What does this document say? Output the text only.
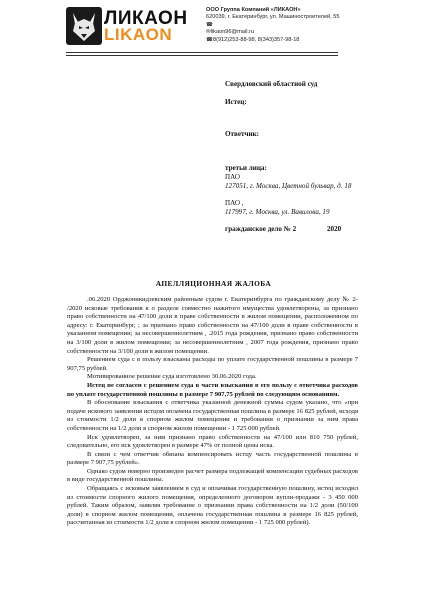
ЛИКАОН
LIKAON
ООО Группа Компаний «ЛИКАОН»
620039, г. Екатеринбург, ул. Машиностроителей, 55
☎
✉likaon96@mail.ru
☎8(912)253-88-98, 8(343)357-98-18
Свердловский областной суд
Истец:
Ответчик:
третьи лица:
ПАО
127051, г. Москва, Цветной бульвар, д. 18
ПАО ,
117997, г. Москва, ул. Вавилова, 19
гражданское дело № 2	2020
АПЕЛЛЯЦИОННАЯ ЖАЛОБА

.06.2020 Орджоникидзевским районным судом г. Екатеринбурга по гражданскому делу № 2- /2020 исковые требования к о разделе совместно нажитого имущества удовлетворены, за признано право собственности на 47/100 доли в праве собственности в жилом помещении, расположенном по адресу: г. Екатеринбург, ; за признано право собственности на 47/100 доли в праве собственности в указанном помещении; за несовершеннолетним , .2015 года рождения, признано право собственности на 3/100 доли в жилом помещении; за несовершеннолетним , 2007 года рождения, признано право собственности на 3/100 доли в жилом помещении.

Решением суда с в пользу взысканы расходы по уплате государственной пошлины в размере 7 907,75 рублей.

Мотивированное решение суда изготовлено 30.06.2020 года.

Истец не согласен с решением суда в части взыскания в его пользу с ответчика расходов по уплате государственной пошлины в размере 7 907,75 рублей по следующим основаниям.

В обоснование взыскания с ответчика указанной денежной суммы судом указано, что «при подаче искового заявления истцом оплачена государственная пошлина в размере 16 825 рублей, исходя из стоимости 1/2 доли в спорном жилом помещении и требования о признании за ним права собственности на 1/2 доли в спорном жилом помещении - 1 725 000 рублей.

Иск удовлетворен, за ним признано право собственности на 47/100 или 810 750 рублей, следовательно, его иск удовлетворен в размере 47% от полной цены иска.

В связи с чем ответчик обязана компенсировать истцу часть государственной пошлины в размере 7 907,75 рублей».

Однако судом неверно произведен расчет размера подлежащей компенсации судебных расходов в виде государственной пошлины.

Обращаясь с исковым заявлением в суд и оплачивая государственную пошлину, истец исходил из стоимости спорного жилого помещения, определенного договором купли-продажи - 3 450 000 рублей. Таким образом, заявляя требование о признании права собственности на 1/2 доли (50/100 доли) в спорном жилом помещении, оплачена государственная пошлина в размере 16 825 рублей, рассчитанная из стоимости 1/2 доли в спорном жилом помещении - 1 725 000 рублей).
